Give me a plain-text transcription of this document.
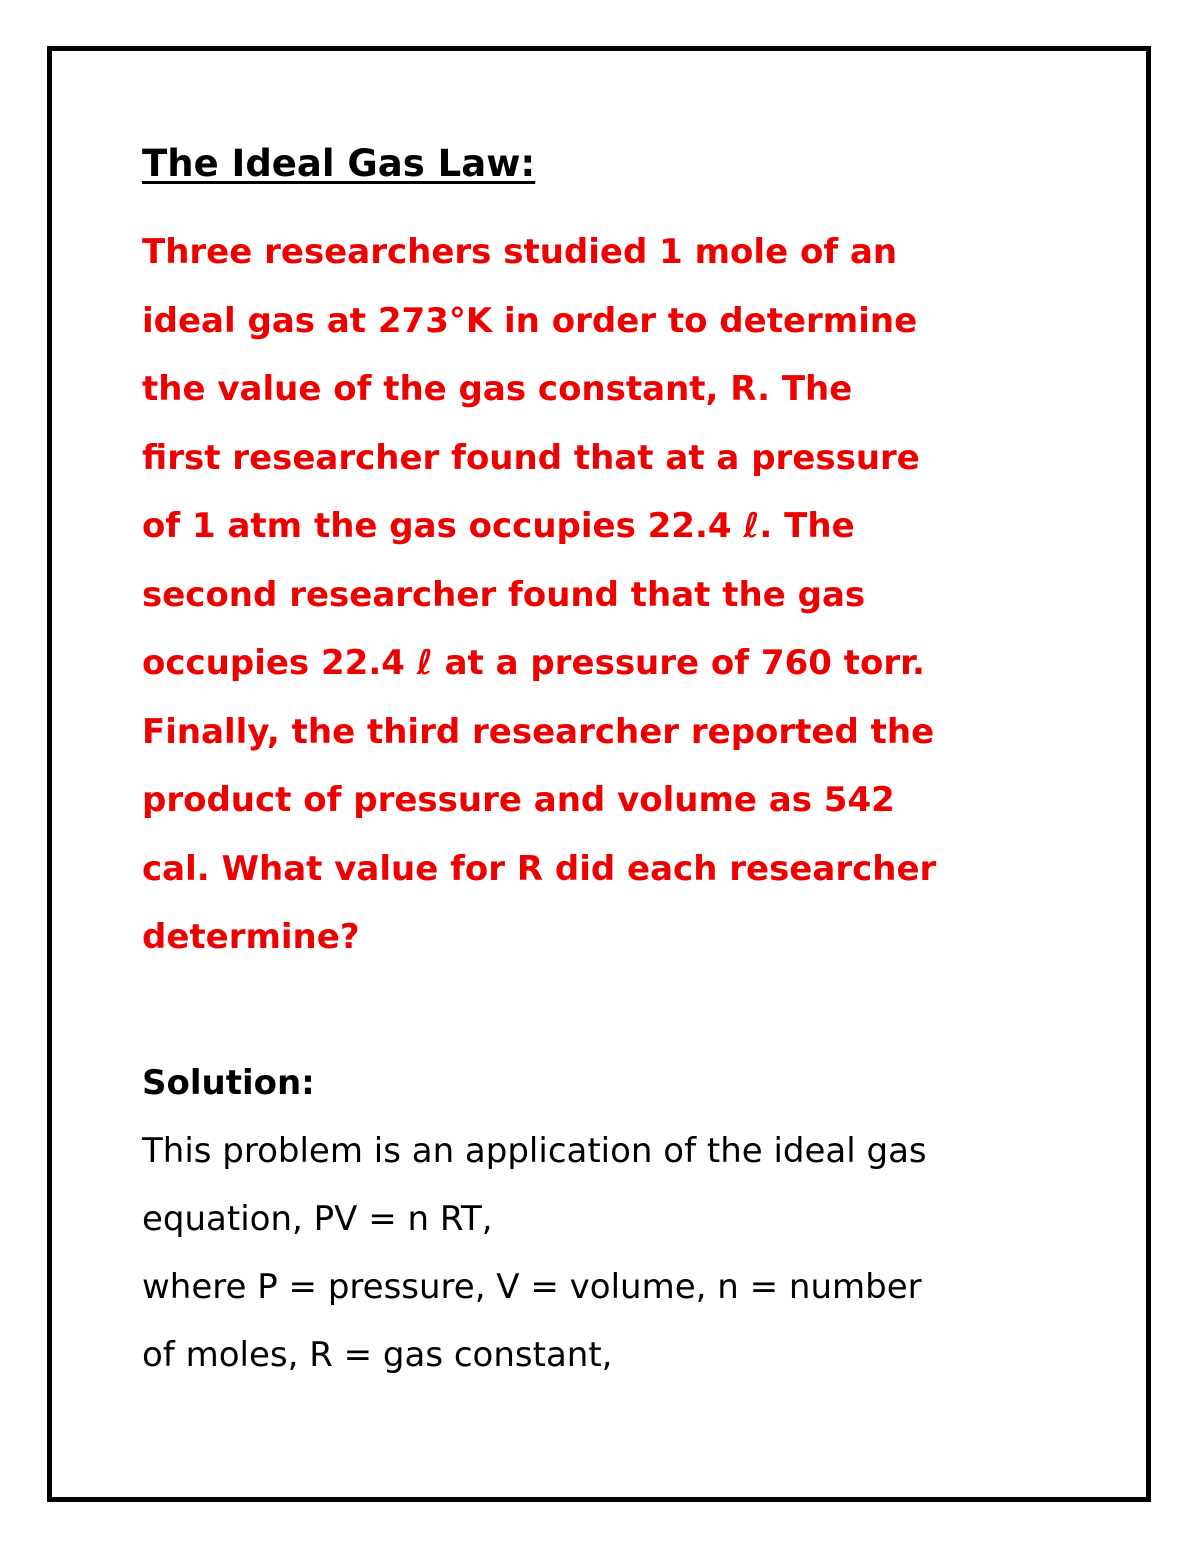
The Ideal Gas Law:

Three researchers studied 1 mole of an
ideal gas at 273°K in order to determine
the value of the gas constant, R. The
first researcher found that at a pressure
of 1 atm the gas occupies 22.4 ℓ. The
second researcher found that the gas
occupies 22.4 ℓ at a pressure of 760 torr.
Finally, the third researcher reported the
product of pressure and volume as 542
cal. What value for R did each researcher
determine?

Solution:

This problem is an application of the ideal gas
equation, PV = n RT,
where P = pressure, V = volume, n = number
of moles, R = gas constant,
